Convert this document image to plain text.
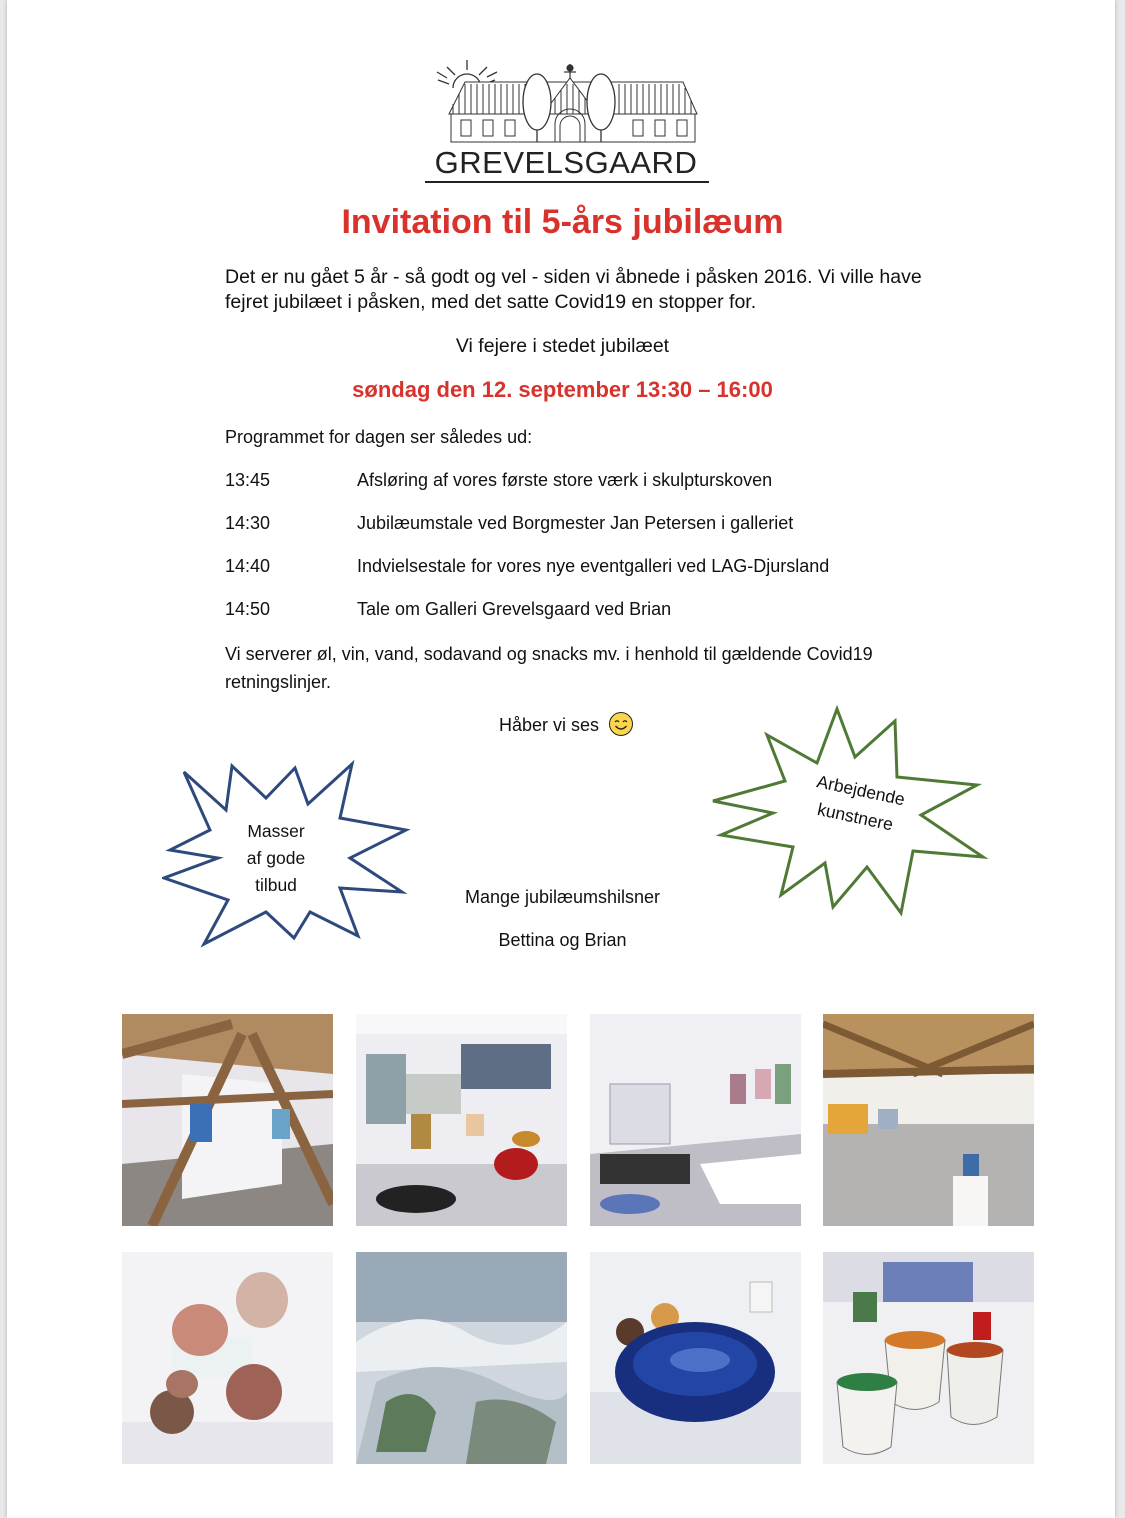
GREVELSGAARD
Invitation til 5-års jubilæum
Det er nu gået 5 år - så godt og vel - siden vi åbnede i påsken 2016. Vi ville have fejret jubilæet i påsken, med det satte Covid19 en stopper for.
Vi fejere i stedet jubilæet
søndag den 12. september 13:30 – 16:00
Programmet for dagen ser således ud:
13:45	Afsløring af vores første store værk i skulpturskoven
14:30	Jubilæumstale ved Borgmester Jan Petersen i galleriet
14:40	Indvielsestale for vores nye eventgalleri ved LAG-Djursland
14:50	Tale om Galleri Grevelsgaard ved Brian
Vi serverer øl, vin, vand, sodavand og snacks mv. i henhold til gældende Covid19 retningslinjer.
Håber vi ses
Masser
af gode
tilbud
Arbejdende
kunstnere
Mange jubilæumshilsner
Bettina og Brian
